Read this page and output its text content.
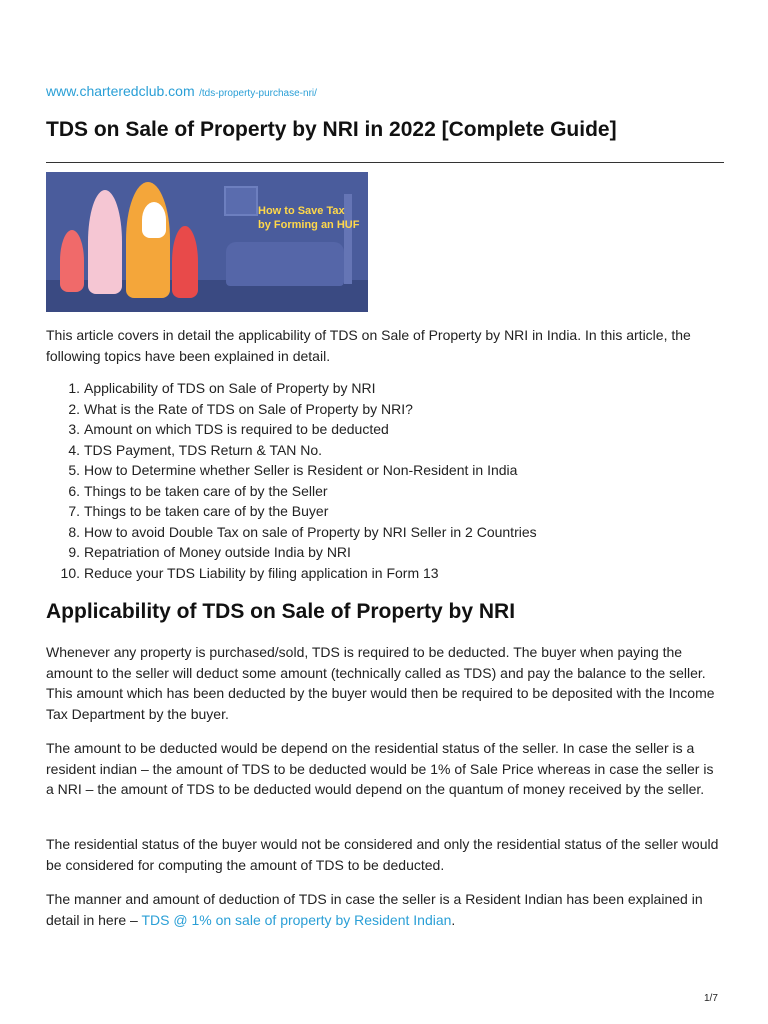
www.charteredclub.com /tds-property-purchase-nri/
TDS on Sale of Property by NRI in 2022 [Complete Guide]
How to Save Tax
by Forming an HUF

This article covers in detail the applicability of TDS on Sale of Property by NRI in India. In this article, the following topics have been explained in detail.

1. Applicability of TDS on Sale of Property by NRI
2. What is the Rate of TDS on Sale of Property by NRI?
3. Amount on which TDS is required to be deducted
4. TDS Payment, TDS Return & TAN No.
5. How to Determine whether Seller is Resident or Non-Resident in India
6. Things to be taken care of by the Seller
7. Things to be taken care of by the Buyer
8. How to avoid Double Tax on sale of Property by NRI Seller in 2 Countries
9. Repatriation of Money outside India by NRI
10. Reduce your TDS Liability by filing application in Form 13
Applicability of TDS on Sale of Property by NRI

Whenever any property is purchased/sold, TDS is required to be deducted. The buyer when paying the amount to the seller will deduct some amount (technically called as TDS) and pay the balance to the seller. This amount which has been deducted by the buyer would then be required to be deposited with the Income Tax Department by the buyer.

The amount to be deducted would be depend on the residential status of the seller. In case the seller is a resident indian – the amount of TDS to be deducted would be 1% of Sale Price whereas in case the seller is a NRI – the amount of TDS to be deducted would depend on the quantum of money received by the seller.

The residential status of the buyer would not be considered and only the residential status of the seller would be considered for computing the amount of TDS to be deducted.

The manner and amount of deduction of TDS in case the seller is a Resident Indian has been explained in detail in here – TDS @ 1% on sale of property by Resident Indian.

1/7
